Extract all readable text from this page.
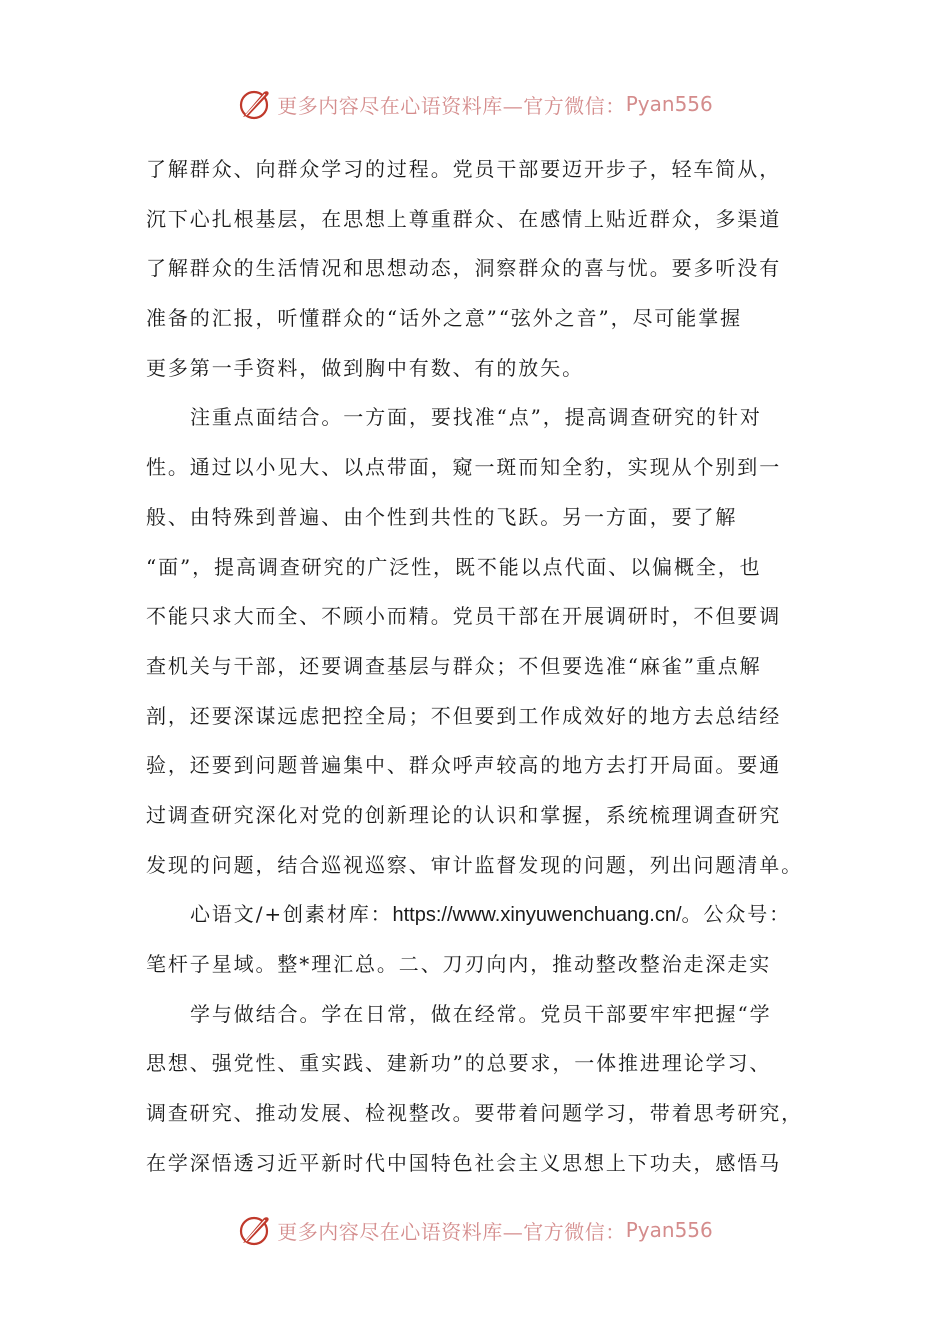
更多内容尽在心语资料库—官方微信： Pyan556
了解群众、向群众学习的过程。党员干部要迈开步子，轻车简从，
沉下心扎根基层，在思想上尊重群众、在感情上贴近群众，多渠道
了解群众的生活情况和思想动态，洞察群众的喜与忧。要多听没有
准备的汇报，听懂群众的“话外之意”“弦外之音”，尽可能掌握
更多第一手资料，做到胸中有数、有的放矢。
注重点面结合。一方面，要找准“点”，提高调查研究的针对
性。通过以小见大、以点带面，窥一斑而知全豹，实现从个别到一
般、由特殊到普遍、由个性到共性的飞跃。另一方面，要了解
“面”，提高调查研究的广泛性，既不能以点代面、以偏概全，也
不能只求大而全、不顾小而精。党员干部在开展调研时，不但要调
查机关与干部，还要调查基层与群众；不但要选准“麻雀”重点解
剖，还要深谋远虑把控全局；不但要到工作成效好的地方去总结经
验，还要到问题普遍集中、群众呼声较高的地方去打开局面。要通
过调查研究深化对党的创新理论的认识和掌握，系统梳理调查研究
发现的问题，结合巡视巡察、审计监督发现的问题，列出问题清单。
心语文/+创素材库：https://www.xinyuwenchuang.cn/。公众号：
笔杆子星域。整*理汇总。二、刀刃向内，推动整改整治走深走实
学与做结合。学在日常，做在经常。党员干部要牢牢把握“学
思想、强党性、重实践、建新功”的总要求，一体推进理论学习、
调查研究、推动发展、检视整改。要带着问题学习，带着思考研究，
在学深悟透习近平新时代中国特色社会主义思想上下功夫，感悟马
更多内容尽在心语资料库—官方微信： Pyan556
